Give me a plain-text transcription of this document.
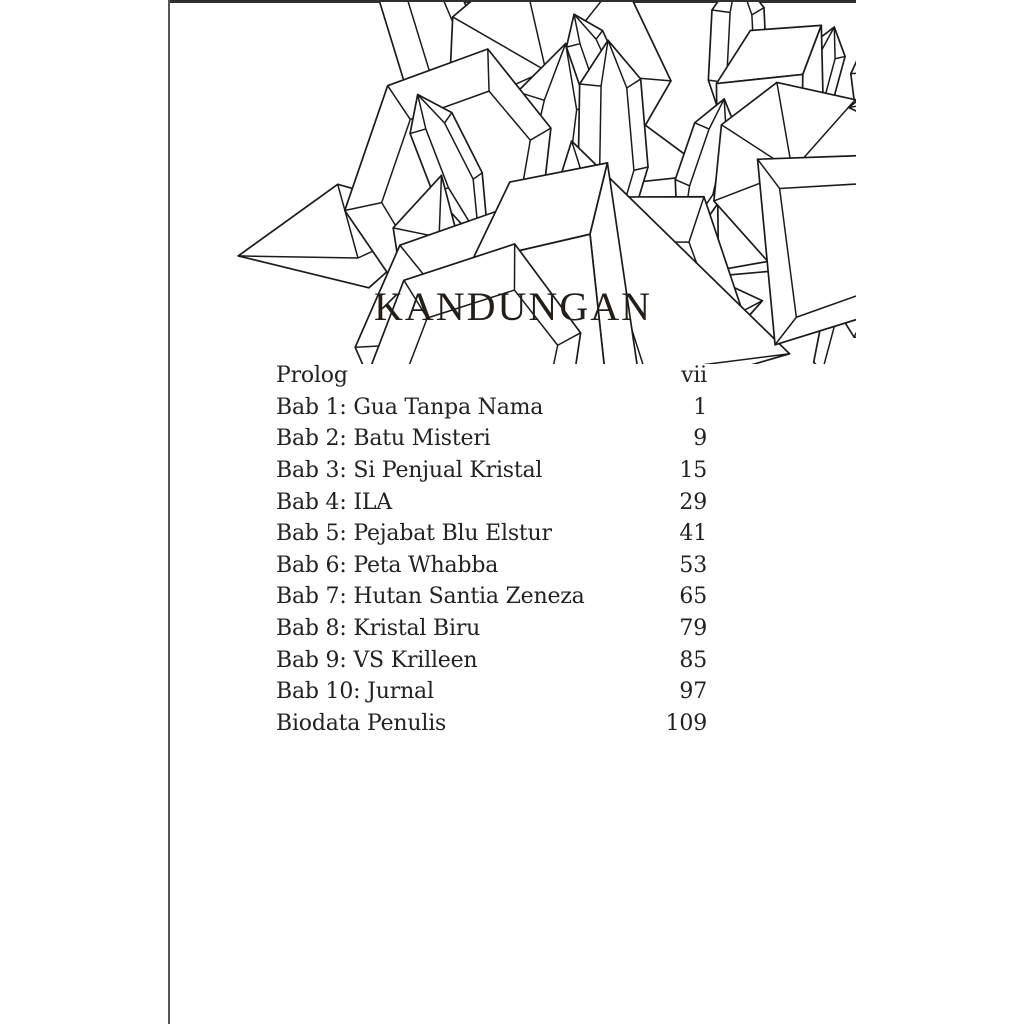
KANDUNGAN
Prolog	vii
Bab 1: Gua Tanpa Nama	1
Bab 2: Batu Misteri	9
Bab 3: Si Penjual Kristal	15
Bab 4: ILA	29
Bab 5: Pejabat Blu Elstur	41
Bab 6: Peta Whabba	53
Bab 7: Hutan Santia Zeneza	65
Bab 8: Kristal Biru	79
Bab 9: VS Krilleen	85
Bab 10: Jurnal	97
Biodata Penulis	109
